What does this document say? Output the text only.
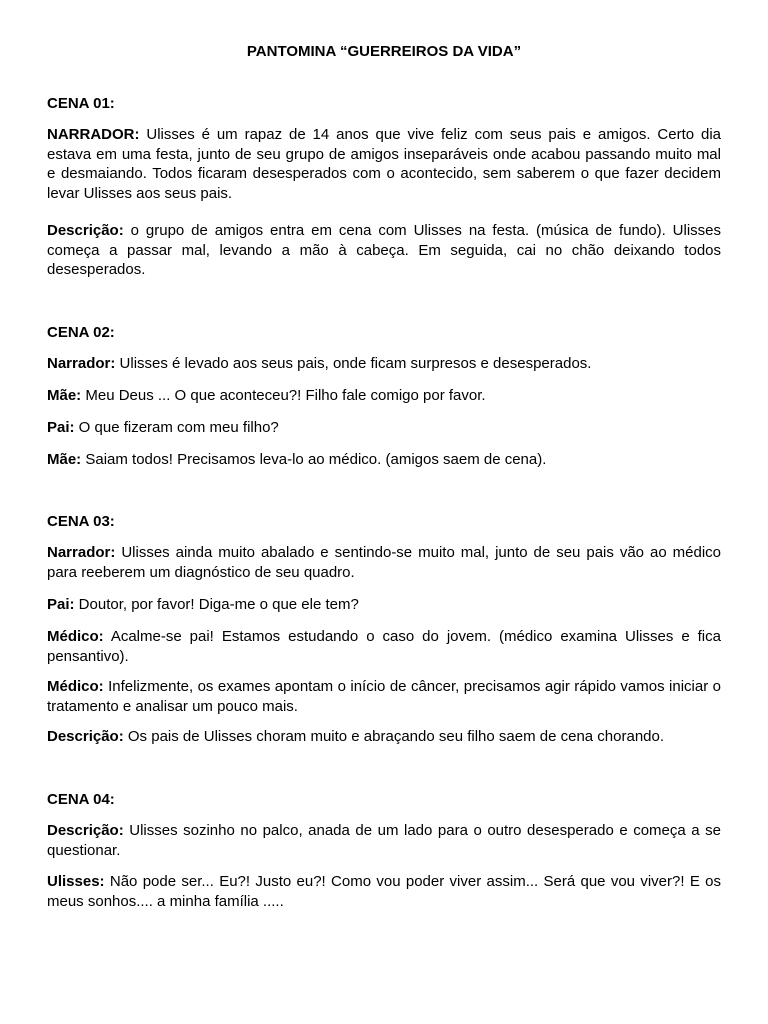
PANTOMINA “GUERREIROS DA VIDA”
CENA 01:
NARRADOR: Ulisses é um rapaz de 14 anos que vive feliz com seus pais e amigos. Certo dia estava em uma festa, junto de seu grupo de amigos inseparáveis onde acabou passando muito mal e desmaiando. Todos ficaram desesperados com o acontecido, sem saberem o que fazer decidem levar Ulisses aos seus pais.
Descrição: o grupo de amigos entra em cena com Ulisses na festa. (música de fundo). Ulisses começa a passar mal, levando a mão à cabeça. Em seguida, cai no chão deixando todos desesperados.
CENA 02:
Narrador: Ulisses é levado aos seus pais, onde ficam surpresos e desesperados.
Mãe: Meu Deus ... O que aconteceu?! Filho fale comigo por favor.
Pai: O que fizeram com meu filho?
Mãe: Saiam todos! Precisamos leva-lo ao médico. (amigos saem de cena).
CENA 03:
Narrador: Ulisses ainda muito abalado e sentindo-se muito mal, junto de seu pais vão ao médico para reeberem um diagnóstico de seu quadro.
Pai: Doutor, por favor! Diga-me o que ele tem?
Médico: Acalme-se pai! Estamos estudando o caso do jovem. (médico examina Ulisses e fica pensantivo).
Médico: Infelizmente, os exames apontam o início de câncer, precisamos agir rápido vamos iniciar o tratamento e analisar um pouco mais.
Descrição: Os pais de Ulisses choram muito e abraçando seu filho saem de cena chorando.
CENA 04:
Descrição: Ulisses sozinho no palco, anada de um lado para o outro desesperado e começa a se questionar.
Ulisses: Não pode ser... Eu?! Justo eu?! Como vou poder viver assim... Será que vou viver?! E os meus sonhos.... a minha família .....
